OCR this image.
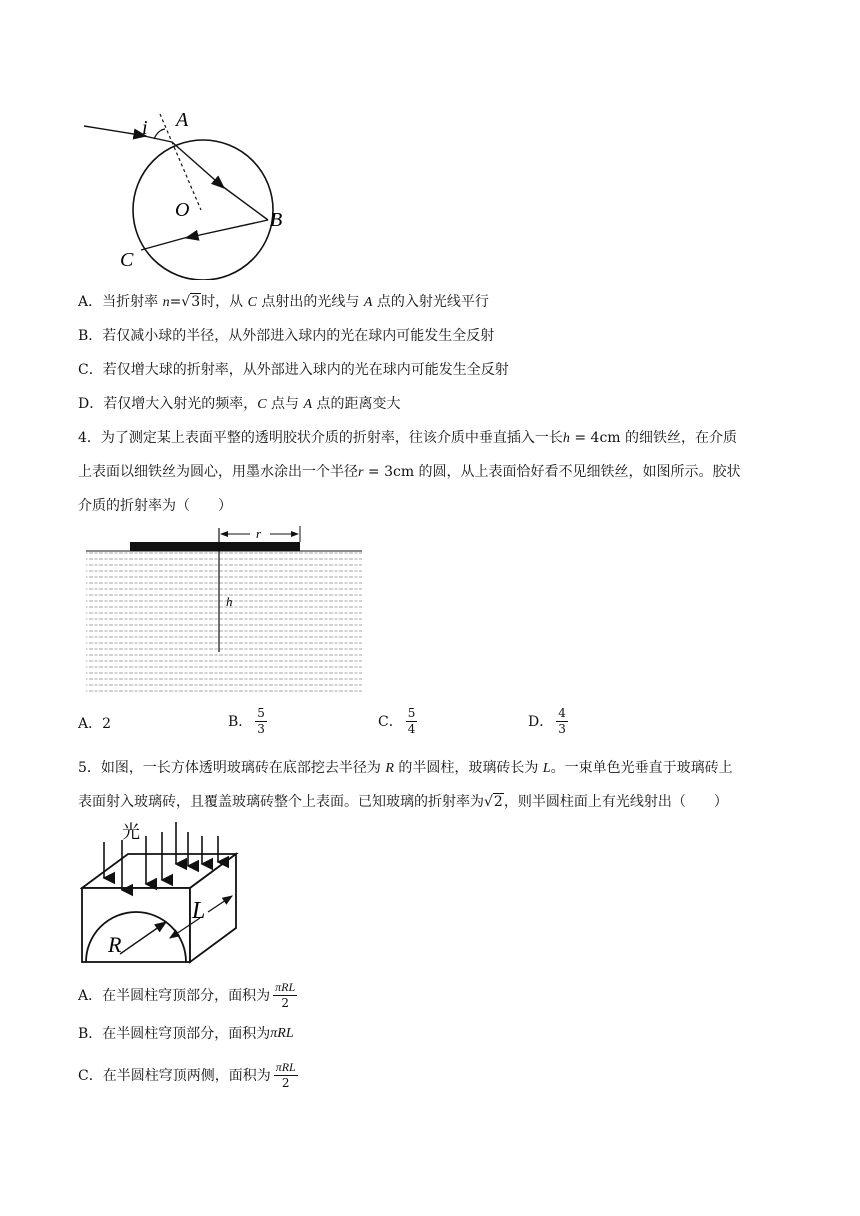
i A
O	B
C
A．当折射率 n=√3时，从 C 点射出的光线与 A 点的入射光线平行
B．若仅减小球的半径，从外部进入球内的光在球内可能发生全反射
C．若仅增大球的折射率，从外部进入球内的光在球内可能发生全反射
D．若仅增大入射光的频率，C 点与 A 点的距离变大
4．为了测定某上表面平整的透明胶状介质的折射率，往该介质中垂直插入一长h = 4cm 的细铁丝，在介质
上表面以细铁丝为圆心，用墨水涂出一个半径r = 3cm 的圆，从上表面恰好看不见细铁丝，如图所示。胶状
介质的折射率为（　　）
r
h
A．2	B． $\frac{5}{3}$	C． $\frac{5}{4}$	D． $\frac{4}{3}$
5．如图，一长方体透明玻璃砖在底部挖去半径为 R 的半圆柱，玻璃砖长为 L。一束单色光垂直于玻璃砖上
表面射入玻璃砖，且覆盖玻璃砖整个上表面。已知玻璃的折射率为√2，则半圆柱面上有光线射出（　　）
R
L
光
A．在半圆柱穹顶部分，面积为 $\frac{\text{πRL}}{2}$
B．在半圆柱穹顶部分，面积为 πRL
C．在半圆柱穹顶两侧，面积为 $\frac{\text{πRL}}{2}$
